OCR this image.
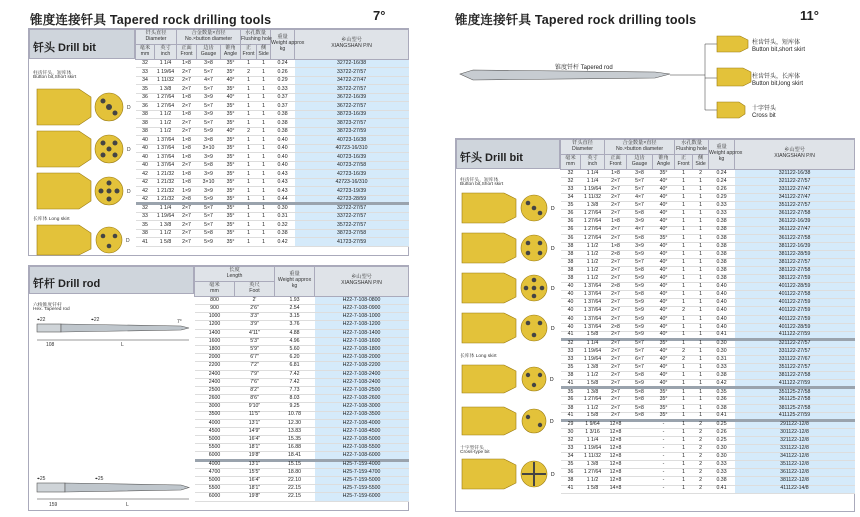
锥度连接钎具 Tapered rock drilling tools	7°
钎头 Drill bit
柱齿钎头，短库体
Button bit,Short skirt
长库体 Long skirt
D
D
D
D
钎头直径
Diameter		合金数量×直径
No.×button diameter			水孔数量
Flushing hole		重量
Weight approx
kg	乡山型号
XIANGSHAN P/N
毫米
mm	英寸
inch	正面
Front	边齿
Gauge	锥角
Angle	正
Front	侧
Side		
32	1 1/4	1×8	3×8	35°	1	1	0.24	32722-16/38
33	1 19/64	2×7	5×7	35°	2	1	0.26	33722-27/57
34	1 11/32	2×7	4×7	40°	1	1	0.29	34722-27/47
35	1 3/8	2×7	5×7	35°	1	1	0.33	35722-27/57
36	1 27/64	1×8	3×9	40°	1	1	0.37	36722-16/39
36	1 27/64	2×7	5×7	35°	1	1	0.37	36722-27/57
38	1 1/2	1×8	3×9	35°	1	1	0.38	38723-16/39
38	1 1/2	2×7	5×7	35°	1	1	0.38	38723-27/57
38	1 1/2	2×7	5×9	40°	2	1	0.38	38723-27/59
40	1 37/64	1×8	3×8	35°	1	1	0.40	40723-16/38
40	1 37/64	1×8	3×10	35°	1	1	0.40	40723-16/310
40	1 37/64	1×8	3×9	35°	1	1	0.40	40723-16/39
40	1 37/64	2×7	5×8	35°	1	1	0.40	40723-27/58
42	1 21/32	1×8	3×9	35°	1	1	0.43	42723-16/39
42	1 21/32	1×8	3×10	35°	1	1	0.43	42723-16/310
42	1 21/32	1×9	3×9	35°	1	1	0.43	42723-19/39
42	1 21/32	2×8	5×9	35°	1	1	0.44	42723-28/59
32	1 1/4	2×7	5×7	35°	1	1	0.30	32722-27/57
33	1 19/64	2×7	5×7	35°	1	1	0.31	33722-27/57
35	1 3/8	2×7	5×7	35°	1	1	0.32	35722-27/57
38	1 1/2	2×7	5×8	35°	1	1	0.38	38723-27/58
41	1 5/8	2×7	5×9	35°	1	1	0.42	41723-27/59
钎杆 Drill rod
六棱锥度钎杆
Hex. Tapered rod
⌖22	⌖22	7°
108	L
⌖25	⌖25
159	L
长度
Length		重量
Weight approx
kg	乡山型号
XIANGSHAN P/N
毫米
mm	英尺
Foot		
800	2'	1.93	H22-7-108-0800
900	2'6"	2.54	H22-7-108-0900
1000	3'3"	3.15	H22-7-108-1000
1200	3'9"	3.76	H22-7-108-1200
1400	4'11"	4.88	H22-7-108-1400
1600	5'3"	4.96	H22-7-108-1600
1800	5'9"	5.60	H22-7-108-1800
2000	6'7"	6.20	H22-7-108-2000
2200	7'2"	6.81	H22-7-108-2200
2400	7'9"	7.42	H22-7-108-2400
2400	7'6"	7.42	H22-7-108-2400
2500	8'2"	7.73	H22-7-108-2500
2600	8'6"	8.03	H22-7-108-2600
3000	9'10"	9.25	H22-7-108-3000
3500	11'5"	10.78	H22-7-108-3500
4000	13'1"	12.30	H22-7-108-4000
4500	14'9"	13.83	H22-7-108-4500
5000	16'4"	15.35	H22-7-108-5000
5500	18'1"	16.88	H22-7-108-5500
6000	19'8"	18.41	H22-7-108-6000
4000	13'1"	15.15	H25-7-159-4000
4700	15'5"	18.80	H25-7-159-4700
5000	16'4"	22.10	H25-7-159-5000
5500	18'1"	22.15	H25-7-159-5500
6000	19'8"	22.15	H25-7-159-6000
锥度连接钎具 Tapered rock drilling tools	11°
锥度钎杆 Tapered rod
柱齿钎头，短库体
Button bit,short skirt
柱齿钎头，长库体
Button bit,long skirt
十字钎头
Cross bit
钎头 Drill bit
柱齿钎头，短库体
Button bit,Short skirt
长库体 Long skirt
十字型钎头
Cross-type bit
D
D
D
D
D
D
D
钎头直径
Diameter		合金数量×直径
No.×button diameter			水孔数量
Flushing hole		重量
Weight approx
kg	乡山型号
XIANGSHAN P/N
毫米
mm	英寸
inch	正面
Front	边齿
Gauge	锥角
Angle	正
Front	侧
Side		
32	1 1/4	1×8	3×8	35°	1	2	0.24	321122-16/38
32	1 1/4	2×7	5×7	40°	1	1	0.24	321122-27/57
33	1 19/64	2×7	5×7	40°	1	1	0.26	331122-27/47
34	1 11/32	2×7	4×7	40°	1	1	0.29	341122-27/47
35	1 3/8	2×7	5×7	40°	1	1	0.33	351122-27/57
36	1 27/64	2×7	5×8	40°	1	1	0.33	361122-27/58
36	1 27/64	1×8	3×9	40°	1	1	0.38	361122-16/39
36	1 27/64	2×7	4×7	40°	1	1	0.38	361122-27/47
36	1 27/64	2×7	5×8	35°	1	1	0.38	361122-27/58
38	1 1/2	1×8	3×9	40°	1	1	0.38	381122-16/39
38	1 1/2	2×8	5×9	40°	1	1	0.38	381122-28/59
38	1 1/2	2×7	5×7	40°	1	1	0.38	381122-27/57
38	1 1/2	2×7	5×8	40°	1	1	0.38	381122-27/58
38	1 1/2	2×7	5×9	40°	1	1	0.38	381122-27/59
40	1 37/64	2×8	5×9	40°	1	1	0.40	401122-28/59
40	1 37/64	2×7	5×8	40°	1	1	0.40	401122-27/58
40	1 37/64	2×7	5×9	40°	1	1	0.40	401122-27/59
40	1 37/64	2×7	5×9	40°	2	1	0.40	401122-27/59
40	1 37/64	2×7	5×9	40°	1	1	0.40	401122-27/59
40	1 37/64	2×8	5×9	40°	1	1	0.40	401122-28/59
41	1 5/8	2×7	5×9	40°	1	1	0.41	411122-27/59
32	1 1/4	2×7	5×7	35°	1	1	0.30	321122-27/57
33	1 19/64	2×7	5×7	40°	2	1	0.30	331122-27/57
33	1 19/64	2×7	6×7	40°	2	1	0.31	331122-27/67
35	1 3/8	2×7	5×7	40°	1	1	0.33	351122-27/57
38	1 1/2	2×7	5×8	40°	1	1	0.38	381122-27/58
41	1 5/8	2×7	5×9	40°	1	1	0.42	411122-27/59
35	1 3/8	2×7	5×8	35°	1	1	0.35	351125-27/58
36	1 27/64	2×7	5×8	35°	1	1	0.36	361125-27/58
38	1 1/2	2×7	5×8	35°	1	1	0.38	381125-27/58
41	1 5/8	2×7	5×8	35°	1	1	0.41	411125-27/59
29	1 9/64	12×8		-	1	2	0.25	291122-12/8
30	1 3/16	12×8		-	1	2	0.26	301122-12/8
32	1 1/4	12×8		-	1	2	0.25	321122-12/8
33	1 19/64	12×8		-	1	2	0.30	331122-12/8
34	1 11/32	12×8		-	1	2	0.30	341122-12/8
35	1 3/8	12×8		-	1	2	0.33	351122-12/8
36	1 27/64	12×8		-	1	2	0.33	361122-12/8
38	1 1/2	12×8		-	1	2	0.38	381122-12/8
41	1 5/8	14×8		-	1	2	0.41	411122-14/8
